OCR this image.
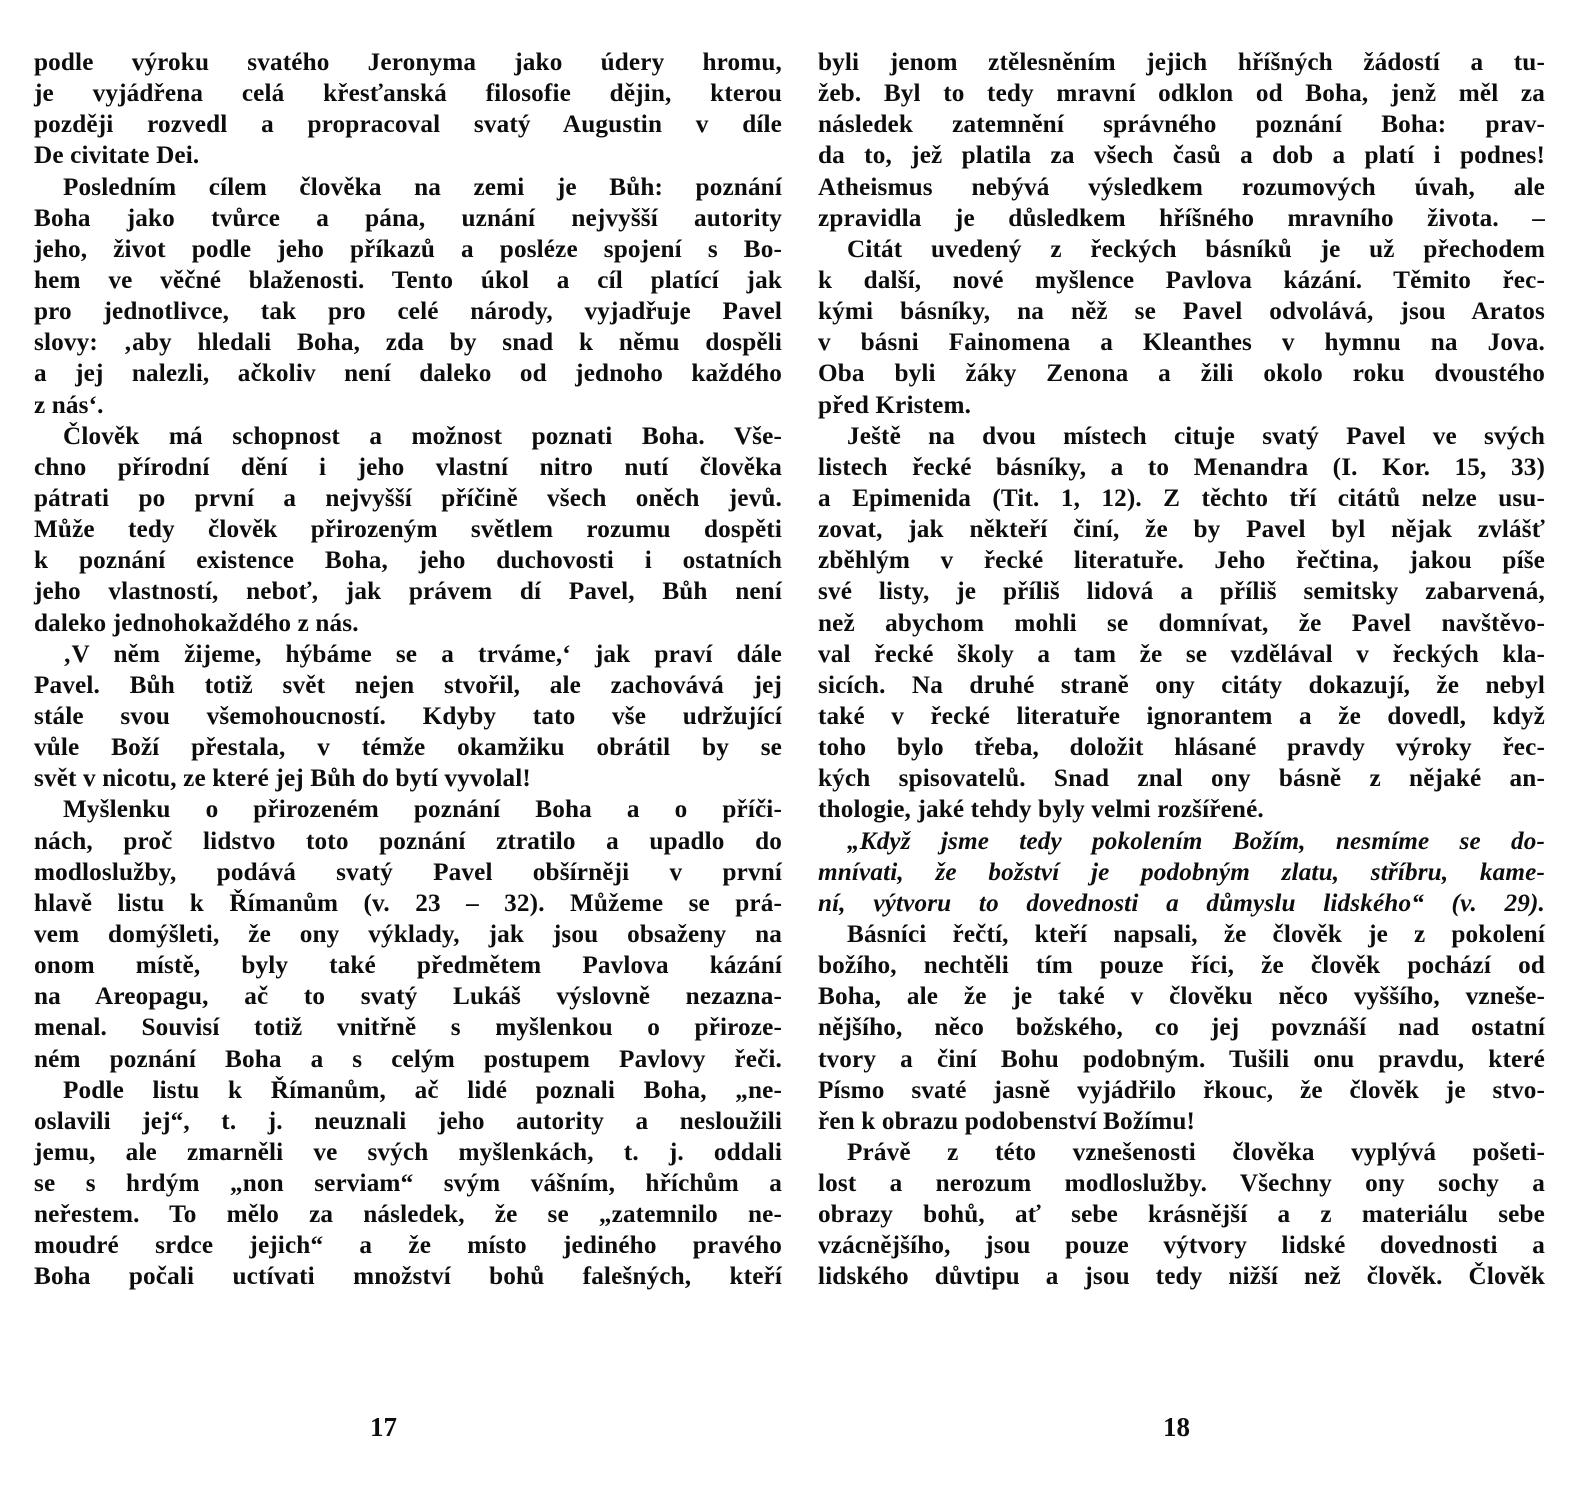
podle výroku svatého Jeronyma jako údery hromu,
je vyjádřena celá křesťanská filosofie dějin, kterou
později rozvedl a propracoval svatý Augustin v díle
De civitate Dei.
Posledním cílem člověka na zemi je Bůh: poznání
Boha jako tvůrce a pána, uznání nejvyšší autority
jeho, život podle jeho příkazů a posléze spojení s Bo-
hem ve věčné blaženosti. Tento úkol a cíl platící jak
pro jednotlivce, tak pro celé národy, vyjadřuje Pavel
slovy: ‚aby hledali Boha, zda by snad k němu dospěli
a jej nalezli, ačkoliv není daleko od jednoho každého
z nás‘.
Člověk má schopnost a možnost poznati Boha. Vše-
chno přírodní dění i jeho vlastní nitro nutí člověka
pátrati po první a nejvyšší příčině všech oněch jevů.
Může tedy člověk přirozeným světlem rozumu dospěti
k poznání existence Boha, jeho duchovosti i ostatních
jeho vlastností, neboť, jak právem dí Pavel, Bůh není
daleko jednohokaždého z nás.
‚V něm žijeme, hýbáme se a trváme,‘ jak praví dále
Pavel. Bůh totiž svět nejen stvořil, ale zachovává jej
stále svou všemohoucností. Kdyby tato vše udržující
vůle Boží přestala, v témže okamžiku obrátil by se
svět v nicotu, ze které jej Bůh do bytí vyvolal!
Myšlenku o přirozeném poznání Boha a o příči-
nách, proč lidstvo toto poznání ztratilo a upadlo do
modloslužby, podává svatý Pavel obšírněji v první
hlavě listu k Římanům (v. 23 – 32). Můžeme se prá-
vem domýšleti, že ony výklady, jak jsou obsaženy na
onom místě, byly také předmětem Pavlova kázání
na Areopagu, ač to svatý Lukáš výslovně nezazna-
menal. Souvisí totiž vnitřně s myšlenkou o přiroze-
ném poznání Boha a s celým postupem Pavlovy řeči.
Podle listu k Římanům, ač lidé poznali Boha, „ne-
oslavili jej“, t. j. neuznali jeho autority a nesloužili
jemu, ale zmarněli ve svých myšlenkách, t. j. oddali
se s hrdým „non serviam“ svým vášním, hříchům a
neřestem. To mělo za následek, že se „zatemnilo ne-
moudré srdce jejich“ a že místo jediného pravého
Boha počali uctívati množství bohů falešných, kteří
17
byli jenom ztělesněním jejich hříšných žádostí a tu-
žeb. Byl to tedy mravní odklon od Boha, jenž měl za
následek zatemnění správného poznání Boha: prav-
da to, jež platila za všech časů a dob a platí i podnes!
Atheismus nebývá výsledkem rozumových úvah, ale
zpravidla je důsledkem hříšného mravního života. –
Citát uvedený z řeckých básníků je už přechodem
k další, nové myšlence Pavlova kázání. Těmito řec-
kými básníky, na něž se Pavel odvolává, jsou Aratos
v básni Fainomena a Kleanthes v hymnu na Jova.
Oba byli žáky Zenona a žili okolo roku dvoustého
před Kristem.
Ještě na dvou místech cituje svatý Pavel ve svých
listech řecké básníky, a to Menandra (I. Kor. 15, 33)
a Epimenida (Tit. 1, 12). Z těchto tří citátů nelze usu-
zovat, jak někteří činí, že by Pavel byl nějak zvlášť
zběhlým v řecké literatuře. Jeho řečtina, jakou píše
své listy, je příliš lidová a příliš semitsky zabarvená,
než abychom mohli se domnívat, že Pavel navštěvo-
val řecké školy a tam že se vzdělával v řeckých kla-
sicích. Na druhé straně ony citáty dokazují, že nebyl
také v řecké literatuře ignorantem a že dovedl, když
toho bylo třeba, doložit hlásané pravdy výroky řec-
kých spisovatelů. Snad znal ony básně z nějaké an-
thologie, jaké tehdy byly velmi rozšířené.
„Když jsme tedy pokolením Božím, nesmíme se do-
mnívati, že božství je podobným zlatu, stříbru, kame-
ní, výtvoru to dovednosti a důmyslu lidského“ (v. 29).
Básníci řečtí, kteří napsali, že člověk je z pokolení
božího, nechtěli tím pouze říci, že člověk pochází od
Boha, ale že je také v člověku něco vyššího, vznešе-
nějšího, něco božského, co jej povznáší nad ostatní
tvory a činí Bohu podobným. Tušili onu pravdu, které
Písmo svaté jasně vyjádřilo řkouc, že člověk je stvo-
řen k obrazu podobenství Božímu!
Právě z této vznešenosti člověka vyplývá pošeti-
lost a nerozum modloslužby. Všechny ony sochy a
obrazy bohů, ať sebe krásnější a z materiálu sebe
vzácnějšího, jsou pouze výtvory lidské dovednosti a
lidského důvtipu a jsou tedy nižší než člověk. Člověk
18
